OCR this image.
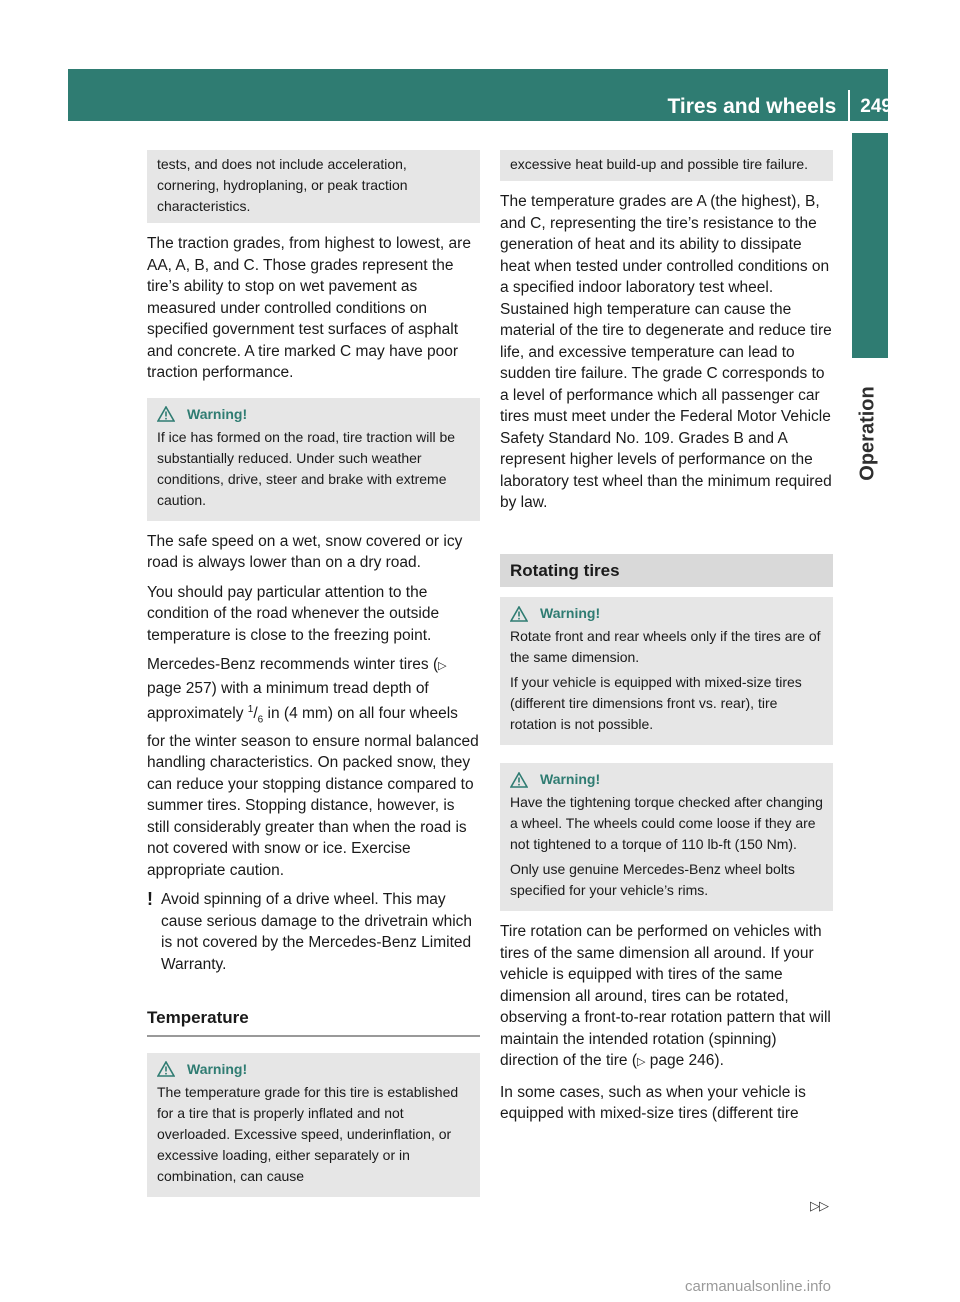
Tires and wheels 249
Operation
tests, and does not include acceleration, cornering, hydroplaning, or peak traction characteristics.

The traction grades, from highest to lowest, are AA, A, B, and C. Those grades represent the tire’s ability to stop on wet pavement as measured under controlled conditions on specified government test surfaces of asphalt and concrete. A tire marked C may have poor traction performance.

Warning!

If ice has formed on the road, tire traction will be substantially reduced. Under such weather conditions, drive, steer and brake with extreme caution.

The safe speed on a wet, snow covered or icy road is always lower than on a dry road.

You should pay particular attention to the condition of the road whenever the outside temperature is close to the freezing point.

Mercedes-Benz recommends winter tires (▷ page 257) with a minimum tread depth of approximately $^1/_6$ in (4 mm) on all four wheels for the winter season to ensure normal balanced handling characteristics. On packed snow, they can reduce your stopping distance compared to summer tires. Stopping distance, however, is still considerably greater than when the road is not covered with snow or ice. Exercise appropriate caution.

! Avoid spinning of a drive wheel. This may cause serious damage to the drivetrain which is not covered by the Mercedes-Benz Limited Warranty.

Temperature
Warning!

The temperature grade for this tire is established for a tire that is properly inflated and not overloaded. Excessive speed, underinflation, or excessive loading, either separately or in combination, can cause

excessive heat build-up and possible tire failure.

The temperature grades are A (the highest), B, and C, representing the tire’s resistance to the generation of heat and its ability to dissipate heat when tested under controlled conditions on a specified indoor laboratory test wheel. Sustained high temperature can cause the material of the tire to degenerate and reduce tire life, and excessive temperature can lead to sudden tire failure. The grade C corresponds to a level of performance which all passenger car tires must meet under the Federal Motor Vehicle Safety Standard No. 109. Grades B and A represent higher levels of performance on the laboratory test wheel than the minimum required by law.

Rotating tires
Warning!

Rotate front and rear wheels only if the tires are of the same dimension.

If your vehicle is equipped with mixed-size tires (different tire dimensions front vs. rear), tire rotation is not possible.

Warning!

Have the tightening torque checked after changing a wheel. The wheels could come loose if they are not tightened to a torque of 110 lb-ft (150 Nm).

Only use genuine Mercedes-Benz wheel bolts specified for your vehicle’s rims.

Tire rotation can be performed on vehicles with tires of the same dimension all around. If your vehicle is equipped with tires of the same dimension all around, tires can be rotated, observing a front-to-rear rotation pattern that will maintain the intended rotation (spinning) direction of the tire (▷ page 246).

In some cases, such as when your vehicle is equipped with mixed-size tires (different tire

▷▷
carmanualsonline.info
